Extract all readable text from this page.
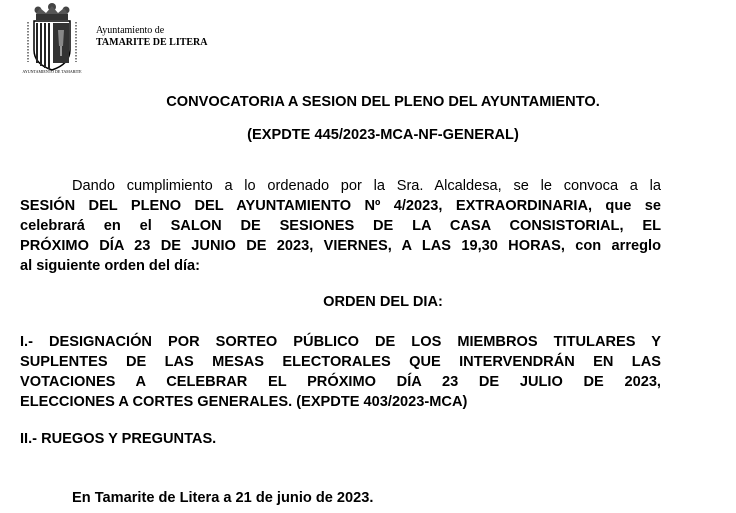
AYUNTAMIENTO DE TAMARITE
Ayuntamiento de
TAMARITE DE LITERA
CONVOCATORIA A SESION DEL PLENO DEL AYUNTAMIENTO.
(EXPDTE 445/2023-MCA-NF-GENERAL)
Dando cumplimiento a lo ordenado por la Sra. Alcaldesa, se le convoca a la
SESIÓN DEL PLENO DEL AYUNTAMIENTO Nº 4/2023, EXTRAORDINARIA, que se
celebrará en el SALON DE SESIONES DE LA CASA CONSISTORIAL, EL
PRÓXIMO DÍA 23 DE JUNIO DE 2023, VIERNES, A LAS 19,30 HORAS, con arreglo
al siguiente orden del día:
ORDEN DEL DIA:
I.- DESIGNACIÓN POR SORTEO PÚBLICO DE LOS MIEMBROS TITULARES Y
SUPLENTES DE LAS MESAS ELECTORALES QUE INTERVENDRÁN EN LAS
VOTACIONES A CELEBRAR EL PRÓXIMO DÍA 23 DE JULIO DE 2023,
ELECCIONES A CORTES GENERALES. (EXPDTE 403/2023-MCA)
II.- RUEGOS Y PREGUNTAS.
En Tamarite de Litera a 21 de junio de 2023.
